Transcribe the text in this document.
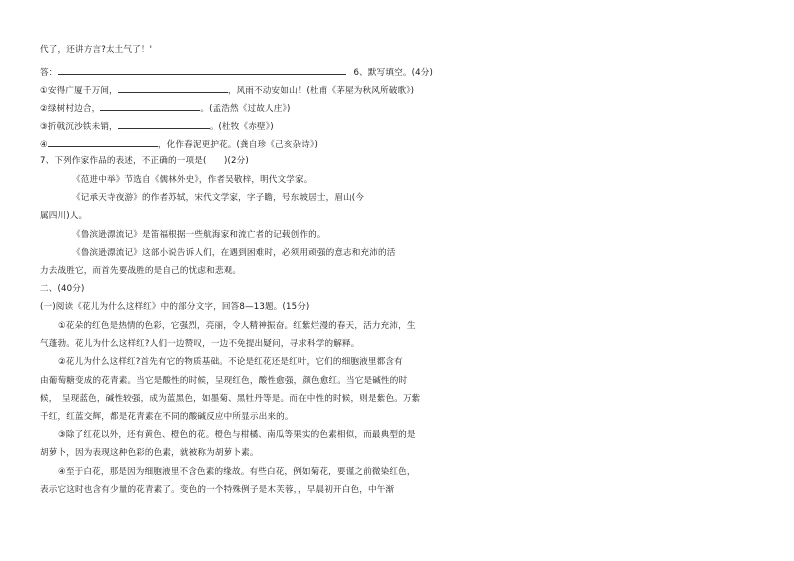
代了，还讲方言?太土气了！'
答：	6、默写填空。(4分)
①安得广厦千万间，	，风雨不动安如山！(杜甫《茅屋为秋风所破歌》)
②绿树村边合，	。(孟浩然《过故人庄》)
③折戟沉沙铁未销，	。(杜牧《赤壁》)
④	，化作春泥更护花。(龚自珍《己亥杂诗》)
7、下列作家作品的表述，不正确的一项是(　　)(2分)
《范进中举》节选自《儒林外史》，作者吴敬梓，明代文学家。
《记承天寺夜游》的作者苏轼，宋代文学家，字子瞻，号东坡居士，眉山(今
属四川)人。
《鲁滨逊漂流记》是笛福根据一些航海家和流亡者的记载创作的。
《鲁滨逊漂流记》这部小说告诉人们，在遇到困难时，必须用顽强的意志和充沛的活
力去战胜它，而首先要战胜的是自己的忧虑和悲观。
二、(40分)
(一)阅读《花儿为什么这样红》中的部分文字，回答8—13题。(15分)
①花朵的红色是热情的色彩，它强烈，亮丽，令人精神振奋。红紫烂漫的春天，活力充沛，生
气蓬勃。花儿为什么这样红?人们一边赞叹，一边不免提出疑问，寻求科学的解释。
②花儿为什么这样红?首先有它的物质基础。不论是红花还是红叶，它们的细胞液里都含有
由葡萄糖变成的花青素。当它是酸性的时候，呈现红色，酸性愈强，颜色愈红。当它是碱性的时
候，　呈现蓝色，碱性较强，成为蓝黑色，如墨菊、黑牡丹等是。而在中性的时候，则是紫色。万紫
千红，红蓝交辉，都是花青素在不同的酸碱反应中所显示出来的。
③除了红花以外，还有黄色、橙色的花。橙色与柑橘、南瓜等果实的色素相似，而最典型的是
胡萝卜，因为表现这种色彩的色素，就被称为胡萝卜素。
④至于白花，那是因为细胞液里不含色素的缘故。有些白花，例如菊花，要谨之前微染红色，
表示它这时也含有少量的花青素了。变色的一个特殊例子是木芙蓉，，早晨初开白色，中午渐
